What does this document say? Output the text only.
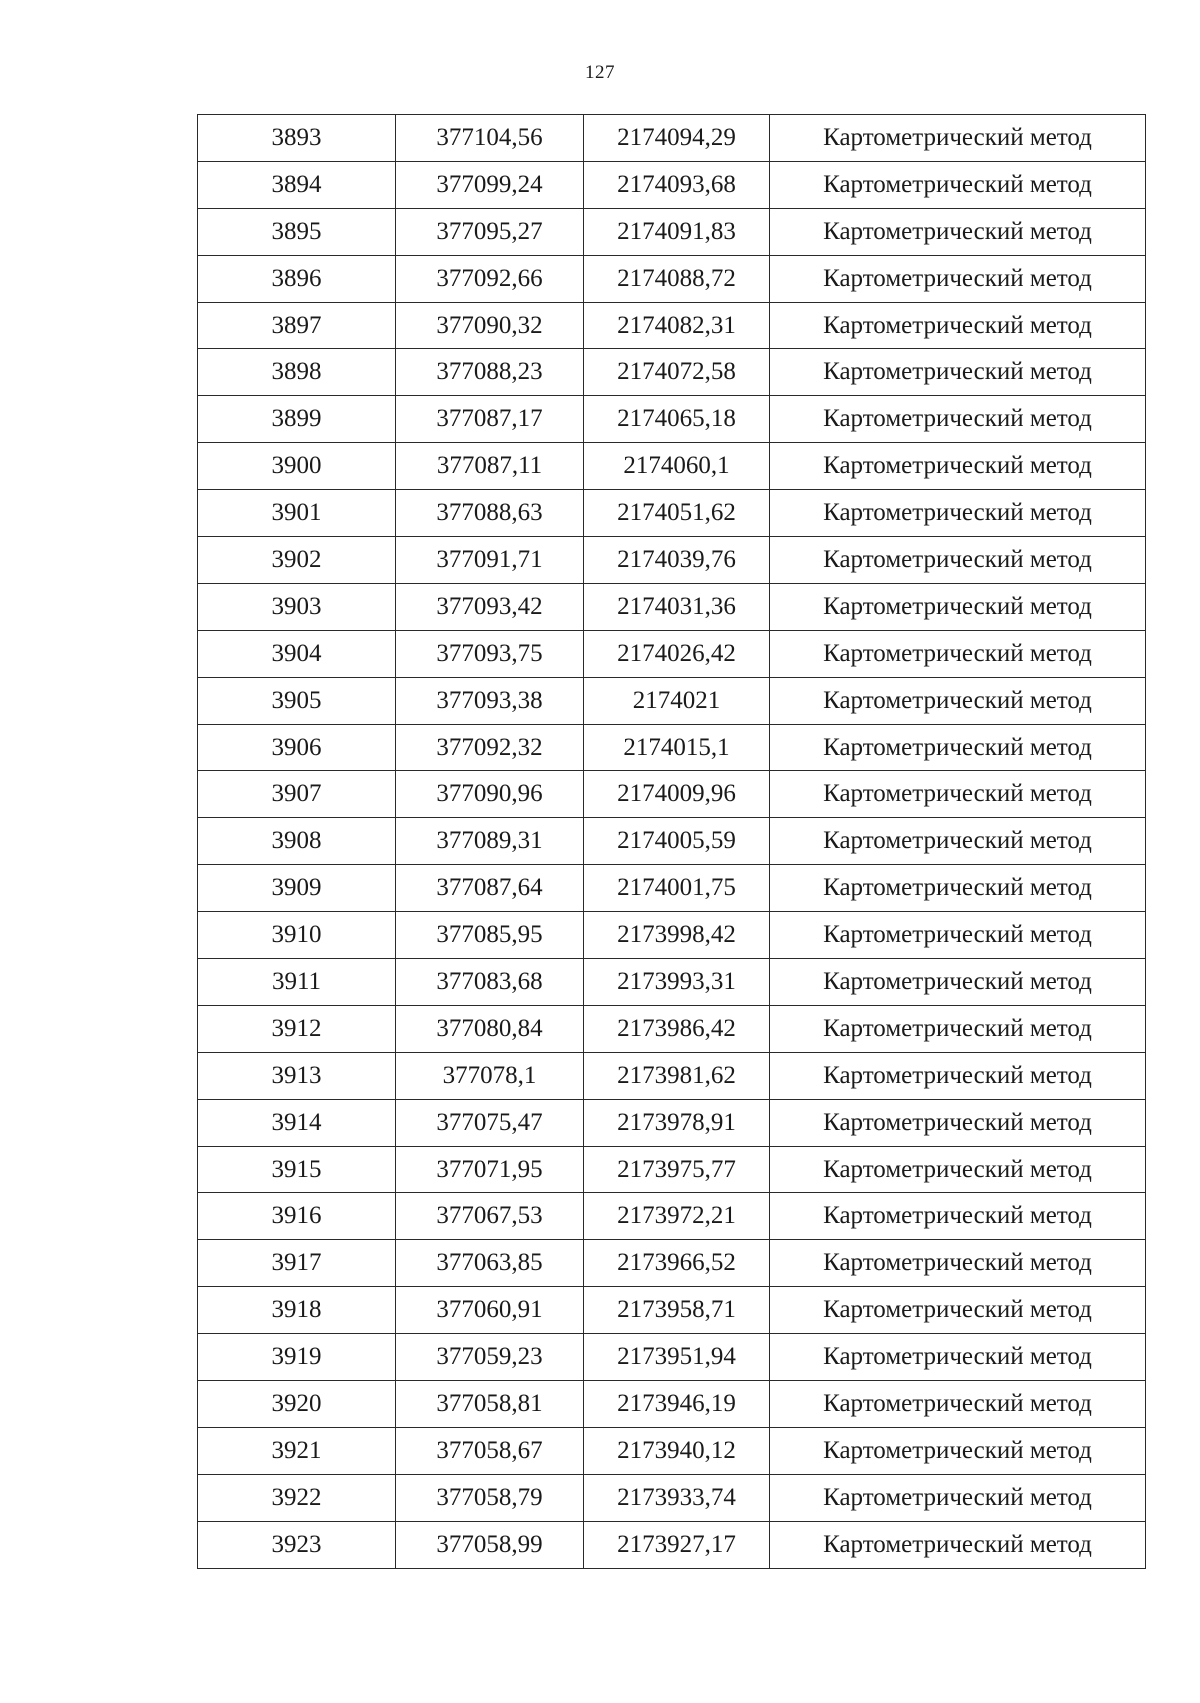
127
3893	377104,56	2174094,29	Картометрический метод
3894	377099,24	2174093,68	Картометрический метод
3895	377095,27	2174091,83	Картометрический метод
3896	377092,66	2174088,72	Картометрический метод
3897	377090,32	2174082,31	Картометрический метод
3898	377088,23	2174072,58	Картометрический метод
3899	377087,17	2174065,18	Картометрический метод
3900	377087,11	2174060,1	Картометрический метод
3901	377088,63	2174051,62	Картометрический метод
3902	377091,71	2174039,76	Картометрический метод
3903	377093,42	2174031,36	Картометрический метод
3904	377093,75	2174026,42	Картометрический метод
3905	377093,38	2174021	Картометрический метод
3906	377092,32	2174015,1	Картометрический метод
3907	377090,96	2174009,96	Картометрический метод
3908	377089,31	2174005,59	Картометрический метод
3909	377087,64	2174001,75	Картометрический метод
3910	377085,95	2173998,42	Картометрический метод
3911	377083,68	2173993,31	Картометрический метод
3912	377080,84	2173986,42	Картометрический метод
3913	377078,1	2173981,62	Картометрический метод
3914	377075,47	2173978,91	Картометрический метод
3915	377071,95	2173975,77	Картометрический метод
3916	377067,53	2173972,21	Картометрический метод
3917	377063,85	2173966,52	Картометрический метод
3918	377060,91	2173958,71	Картометрический метод
3919	377059,23	2173951,94	Картометрический метод
3920	377058,81	2173946,19	Картометрический метод
3921	377058,67	2173940,12	Картометрический метод
3922	377058,79	2173933,74	Картометрический метод
3923	377058,99	2173927,17	Картометрический метод
